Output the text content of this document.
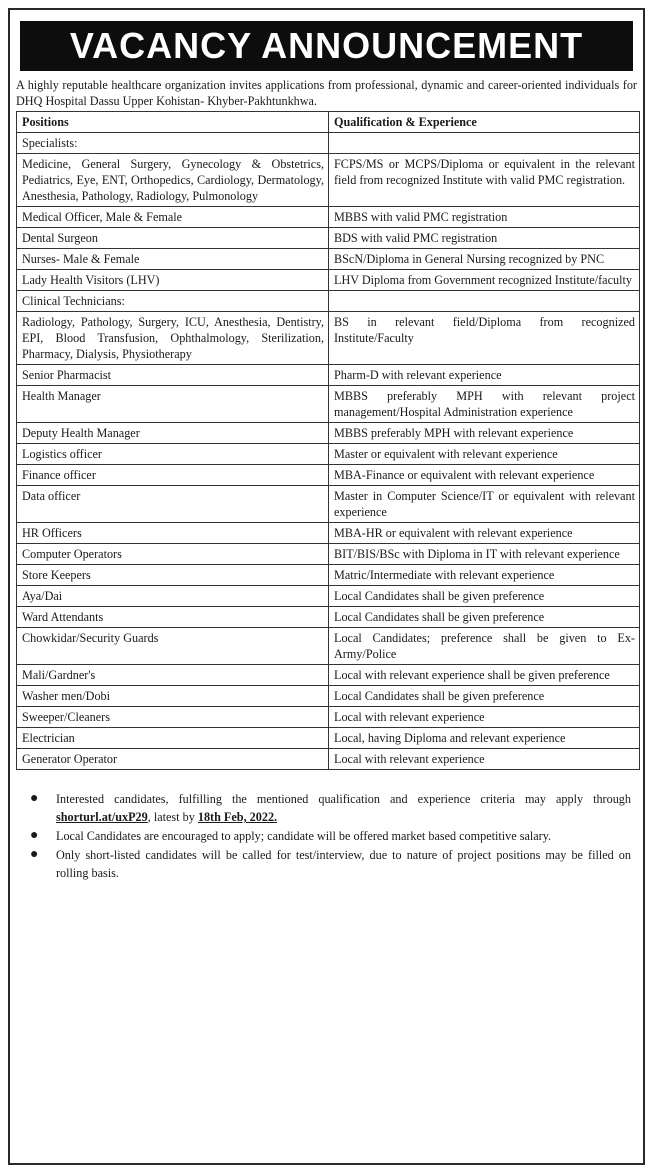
VACANCY ANNOUNCEMENT
A highly reputable healthcare organization invites applications from professional, dynamic and career-oriented individuals for DHQ Hospital Dassu Upper Kohistan- Khyber-Pakhtunkhwa.
Positions	Qualification & Experience
Specialists:	
Medicine, General Surgery, Gynecology & Obstetrics, Pediatrics, Eye, ENT, Orthopedics, Cardiology, Dermatology, Anesthesia, Pathology, Radiology, Pulmonology	FCPS/MS or MCPS/Diploma or equivalent in the relevant field from recognized Institute with valid PMC registration.
Medical Officer, Male & Female	MBBS with valid PMC registration
Dental Surgeon	BDS with valid PMC registration
Nurses- Male & Female	BScN/Diploma in General Nursing recognized by PNC
Lady Health Visitors (LHV)	LHV Diploma from Government recognized Institute/faculty
Clinical Technicians:	
Radiology, Pathology, Surgery, ICU, Anesthesia, Dentistry, EPI, Blood Transfusion, Ophthalmology, Sterilization, Pharmacy, Dialysis, Physiotherapy	BS in relevant field/Diploma from recognized Institute/Faculty
Senior Pharmacist	Pharm-D with relevant experience
Health Manager	MBBS preferably MPH with relevant project management/Hospital Administration experience
Deputy Health Manager	MBBS preferably MPH with relevant experience
Logistics officer	Master or equivalent with relevant experience
Finance officer	MBA-Finance or equivalent with relevant experience
Data officer	Master in Computer Science/IT or equivalent with relevant experience
HR Officers	MBA-HR or equivalent with relevant experience
Computer Operators	BIT/BIS/BSc with Diploma in IT with relevant experience
Store Keepers	Matric/Intermediate with relevant experience
Aya/Dai	Local Candidates shall be given preference
Ward Attendants	Local Candidates shall be given preference
Chowkidar/Security Guards	Local Candidates; preference shall be given to Ex-Army/Police
Mali/Gardner's	Local with relevant experience shall be given preference
Washer men/Dobi	Local Candidates shall be given preference
Sweeper/Cleaners	Local with relevant experience
Electrician	Local, having Diploma and relevant experience
Generator Operator	Local with relevant experience
● Interested candidates, fulfilling the mentioned qualification and experience criteria may apply through shorturl.at/uxP29, latest by 18th Feb, 2022.
● Local Candidates are encouraged to apply; candidate will be offered market based competitive salary.
● Only short-listed candidates will be called for test/interview, due to nature of project positions may be filled on rolling basis.
